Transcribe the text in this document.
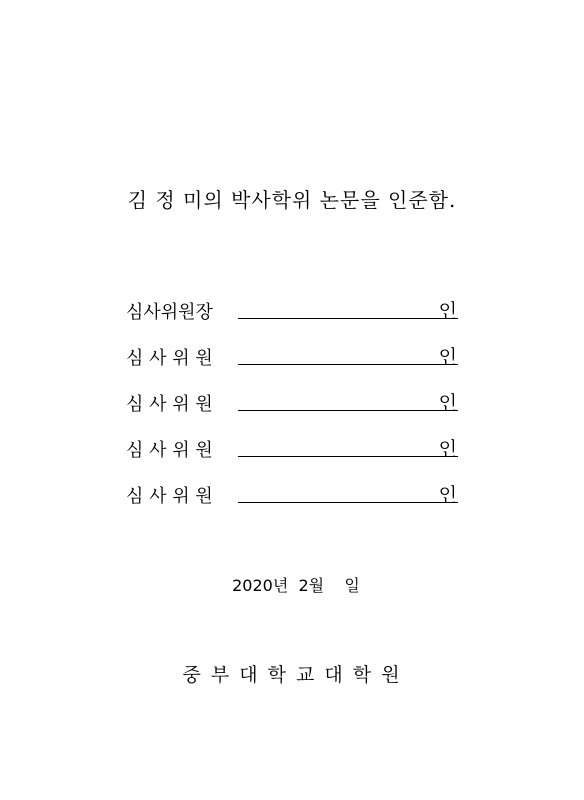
김 정 미의 박사학위 논문을 인준함.
심사위원장	인
심 사 위 원	인
심 사 위 원	인
심 사 위 원	인
심 사 위 원	인
2020년  2월    일
중 부 대 학 교 대 학 원
